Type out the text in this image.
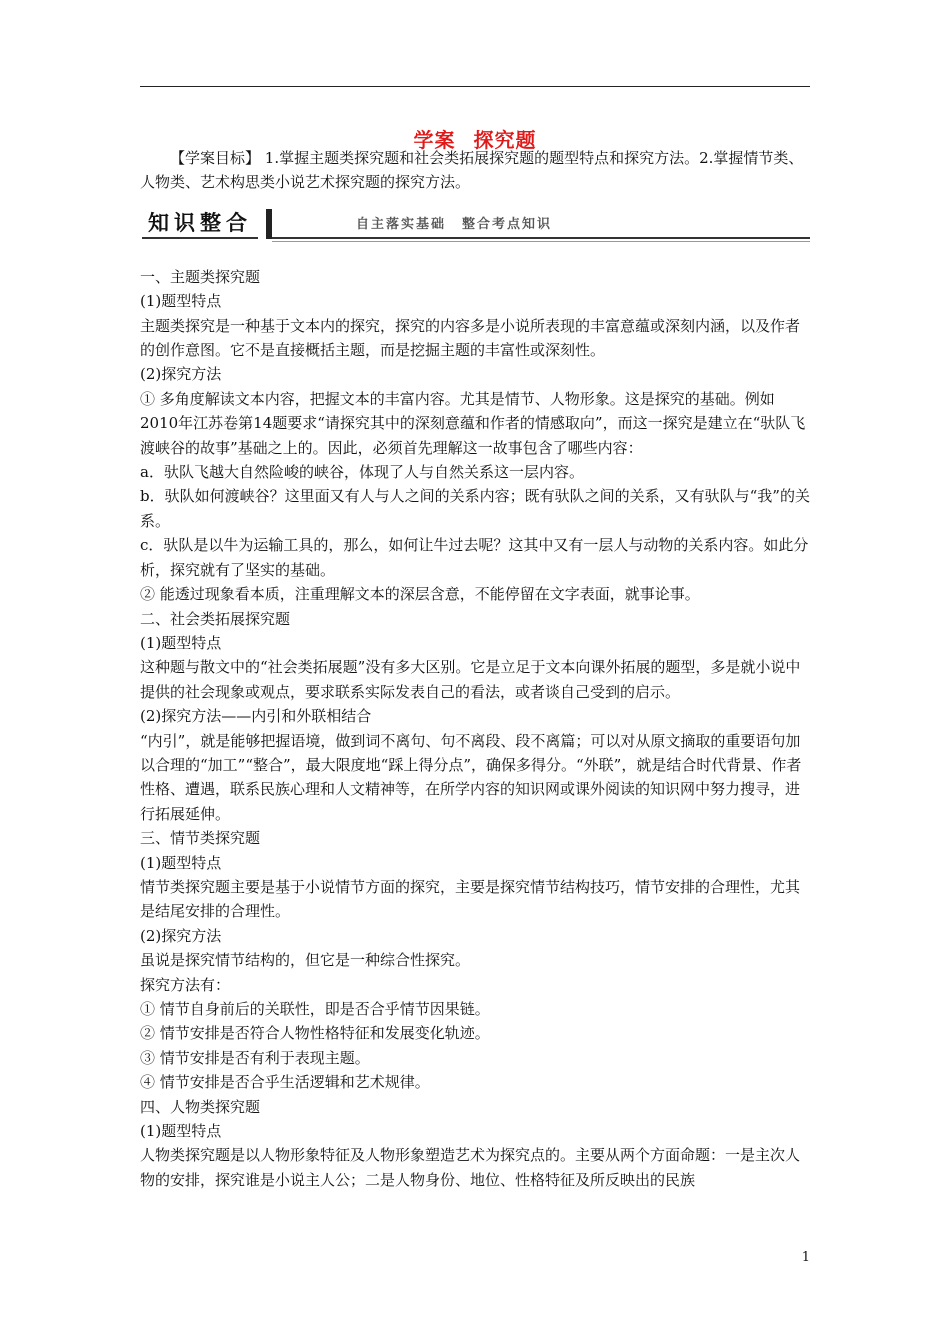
学案 探究题

【学案目标】 1.掌握主题类探究题和社会类拓展探究题的题型特点和探究方法。2.掌握情节类、人物类、艺术构思类小说艺术探究题的探究方法。

知识整合	自主落实基础 整合考点知识

一、主题类探究题

(1)题型特点

主题类探究是一种基于文本内的探究，探究的内容多是小说所表现的丰富意蕴或深刻内涵，以及作者的创作意图。它不是直接概括主题，而是挖掘主题的丰富性或深刻性。

(2)探究方法

① 多角度解读文本内容，把握文本的丰富内容。尤其是情节、人物形象。这是探究的基础。例如2010年江苏卷第14题要求“请探究其中的深刻意蕴和作者的情感取向”，而这一探究是建立在“驮队飞渡峡谷的故事”基础之上的。因此，必须首先理解这一故事包含了哪些内容：

a．驮队飞越大自然险峻的峡谷，体现了人与自然关系这一层内容。

b．驮队如何渡峡谷？这里面又有人与人之间的关系内容；既有驮队之间的关系，又有驮队与“我”的关系。

c．驮队是以牛为运输工具的，那么，如何让牛过去呢？这其中又有一层人与动物的关系内容。如此分析，探究就有了坚实的基础。

② 能透过现象看本质，注重理解文本的深层含意，不能停留在文字表面，就事论事。

二、社会类拓展探究题

(1)题型特点

这种题与散文中的“社会类拓展题”没有多大区别。它是立足于文本向课外拓展的题型，多是就小说中提供的社会现象或观点，要求联系实际发表自己的看法，或者谈自己受到的启示。

(2)探究方法——内引和外联相结合

“内引”，就是能够把握语境，做到词不离句、句不离段、段不离篇；可以对从原文摘取的重要语句加以合理的“加工”“整合”，最大限度地“踩上得分点”，确保多得分。“外联”，就是结合时代背景、作者性格、遭遇，联系民族心理和人文精神等，在所学内容的知识网或课外阅读的知识网中努力搜寻，进行拓展延伸。

三、情节类探究题

(1)题型特点

情节类探究题主要是基于小说情节方面的探究，主要是探究情节结构技巧，情节安排的合理性，尤其是结尾安排的合理性。

(2)探究方法

虽说是探究情节结构的，但它是一种综合性探究。

探究方法有：

① 情节自身前后的关联性，即是否合乎情节因果链。

② 情节安排是否符合人物性格特征和发展变化轨迹。

③ 情节安排是否有利于表现主题。

④ 情节安排是否合乎生活逻辑和艺术规律。

四、人物类探究题

(1)题型特点

人物类探究题是以人物形象特征及人物形象塑造艺术为探究点的。主要从两个方面命题：一是主次人物的安排，探究谁是小说主人公；二是人物身份、地位、性格特征及所反映出的民族

1
